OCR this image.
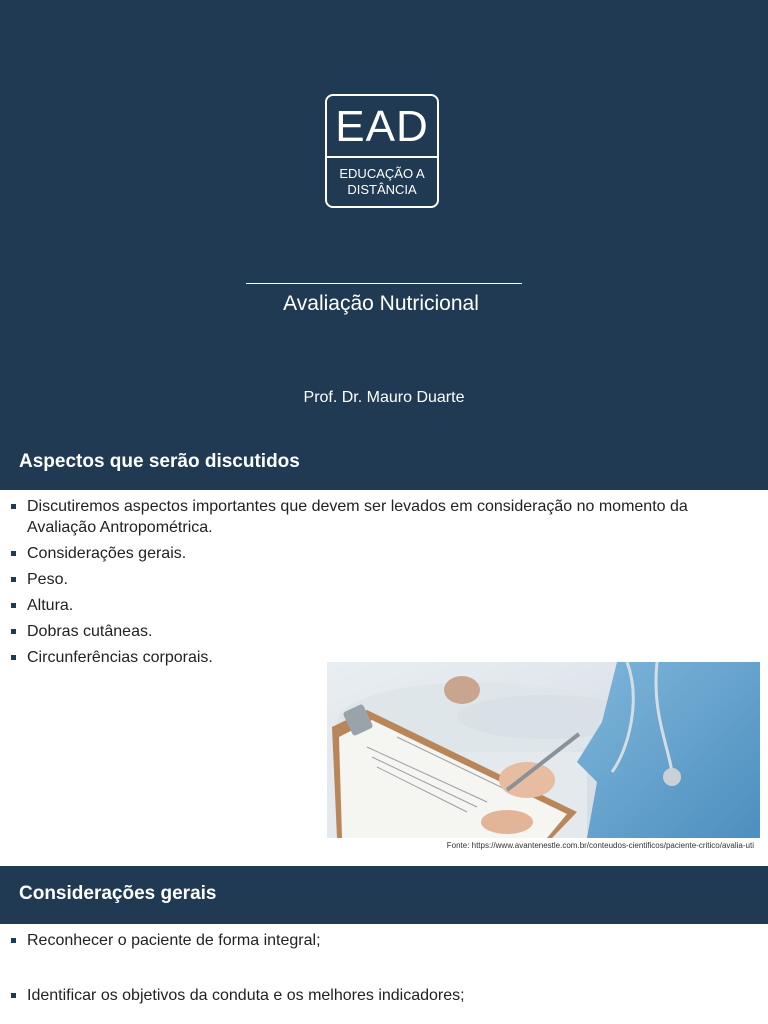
EAD
EDUCAÇÃO A
DISTÂNCIA
Avaliação Nutricional
Prof. Dr. Mauro Duarte
Aspectos que serão discutidos
Discutiremos aspectos importantes que devem ser levados em consideração no momento da Avaliação Antropométrica.
Considerações gerais.
Peso.
Altura.
Dobras cutâneas.
Circunferências corporais.
Fonte: https://www.avantenestle.com.br/conteudos-cientificos/paciente-critico/avalia-uti
Considerações gerais
Reconhecer o paciente de forma integral;
Identificar os objetivos da conduta e os melhores indicadores;
